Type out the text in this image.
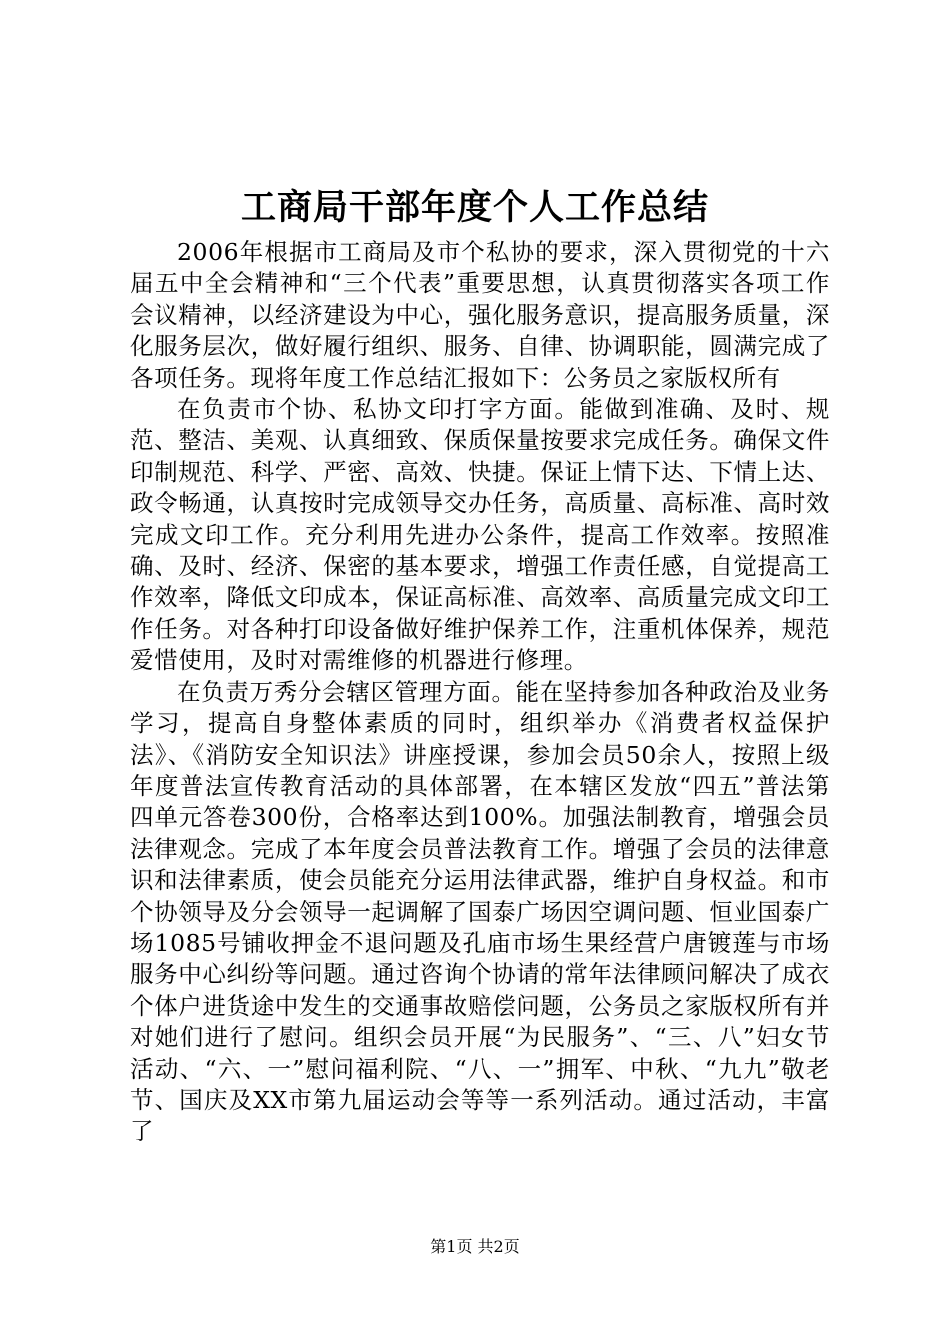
工商局干部年度个人工作总结

2006年根据市工商局及市个私协的要求，深入贯彻党的十六届五中全会精神和“三个代表”重要思想，认真贯彻落实各项工作会议精神，以经济建设为中心，强化服务意识，提高服务质量，深化服务层次，做好履行组织、服务、自律、协调职能，圆满完成了各项任务。现将年度工作总结汇报如下：公务员之家版权所有

在负责市个协、私协文印打字方面。能做到准确、及时、规范、整洁、美观、认真细致、保质保量按要求完成任务。确保文件印制规范、科学、严密、高效、快捷。保证上情下达、下情上达、政令畅通，认真按时完成领导交办任务，高质量、高标准、高时效完成文印工作。充分利用先进办公条件，提高工作效率。按照准确、及时、经济、保密的基本要求，增强工作责任感，自觉提高工作效率，降低文印成本，保证高标准、高效率、高质量完成文印工作任务。对各种打印设备做好维护保养工作，注重机体保养，规范爱惜使用，及时对需维修的机器进行修理。

在负责万秀分会辖区管理方面。能在坚持参加各种政治及业务学习，提高自身整体素质的同时，组织举办《消费者权益保护法》、《消防安全知识法》讲座授课，参加会员50余人，按照上级年度普法宣传教育活动的具体部署，在本辖区发放“四五”普法第四单元答卷300份，合格率达到100%。加强法制教育，增强会员法律观念。完成了本年度会员普法教育工作。增强了会员的法律意识和法律素质，使会员能充分运用法律武器，维护自身权益。和市个协领导及分会领导一起调解了国泰广场因空调问题、恒业国泰广场1085号铺收押金不退问题及孔庙市场生果经营户唐镀莲与市场服务中心纠纷等问题。通过咨询个协请的常年法律顾问解决了成衣个体户进货途中发生的交通事故赔偿问题，公务员之家版权所有并对她们进行了慰问。组织会员开展“为民服务”、“三、八”妇女节活动、“六、一”慰问福利院、“八、一”拥军、中秋、“九九”敬老节、国庆及XX市第九届运动会等等一系列活动。通过活动，丰富了

第1页 共2页
